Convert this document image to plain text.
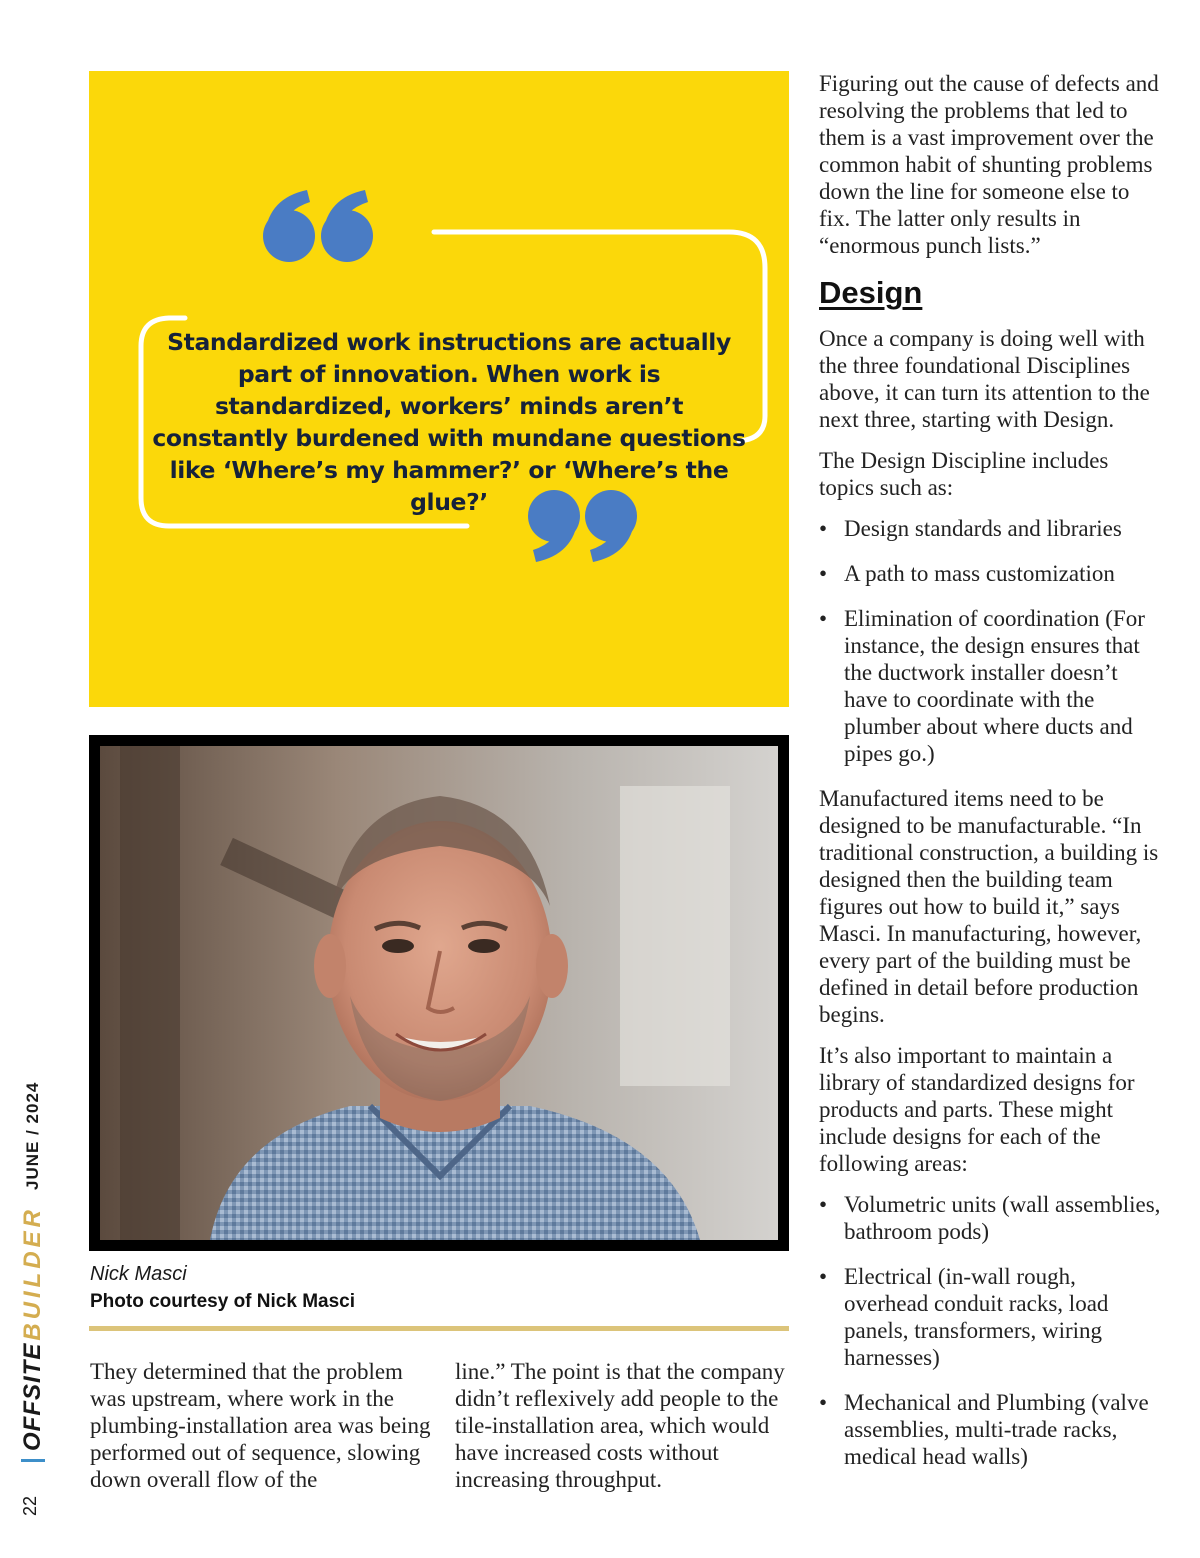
Standardized work instructions are actually part of innovation. When work is standardized, workers’ minds aren’t constantly burdened with mundane questions like ‘Where’s my hammer?’ or ‘Where’s the glue?’

Nick Masci

Photo courtesy of Nick Masci

They determined that the problem was upstream, where work in the plumbing-installation area was being performed out of sequence, slowing down overall flow of the

line.” The point is that the company didn’t reflexively add people to the tile-installation area, which would have increased costs without increasing throughput.

Figuring out the cause of defects and resolving the problems that led to them is a vast improvement over the common habit of shunting problems down the line for someone else to fix. The latter only results in “enormous punch lists.”

Design

Once a company is doing well with the three foundational Disciplines above, it can turn its attention to the next three, starting with Design.

The Design Discipline includes topics such as:

• Design standards and libraries
• A path to mass customization
• Elimination of coordination (For instance, the design ensures that the ductwork installer doesn’t have to coordinate with the plumber about where ducts and pipes go.)

Manufactured items need to be designed to be manufacturable. “In traditional construction, a building is designed then the building team figures out how to build it,” says Masci. In manufacturing, however, every part of the building must be defined in detail before production begins.

It’s also important to maintain a library of standardized designs for products and parts. These might include designs for each of the following areas:

• Volumetric units (wall assemblies, bathroom pods)
• Electrical (in-wall rough, overhead conduit racks, load panels, transformers, wiring harnesses)
• Mechanical and Plumbing (valve assemblies, multi-trade racks, medical head walls)
OFFSITE
BUILDER
JUNE / 2024

22
